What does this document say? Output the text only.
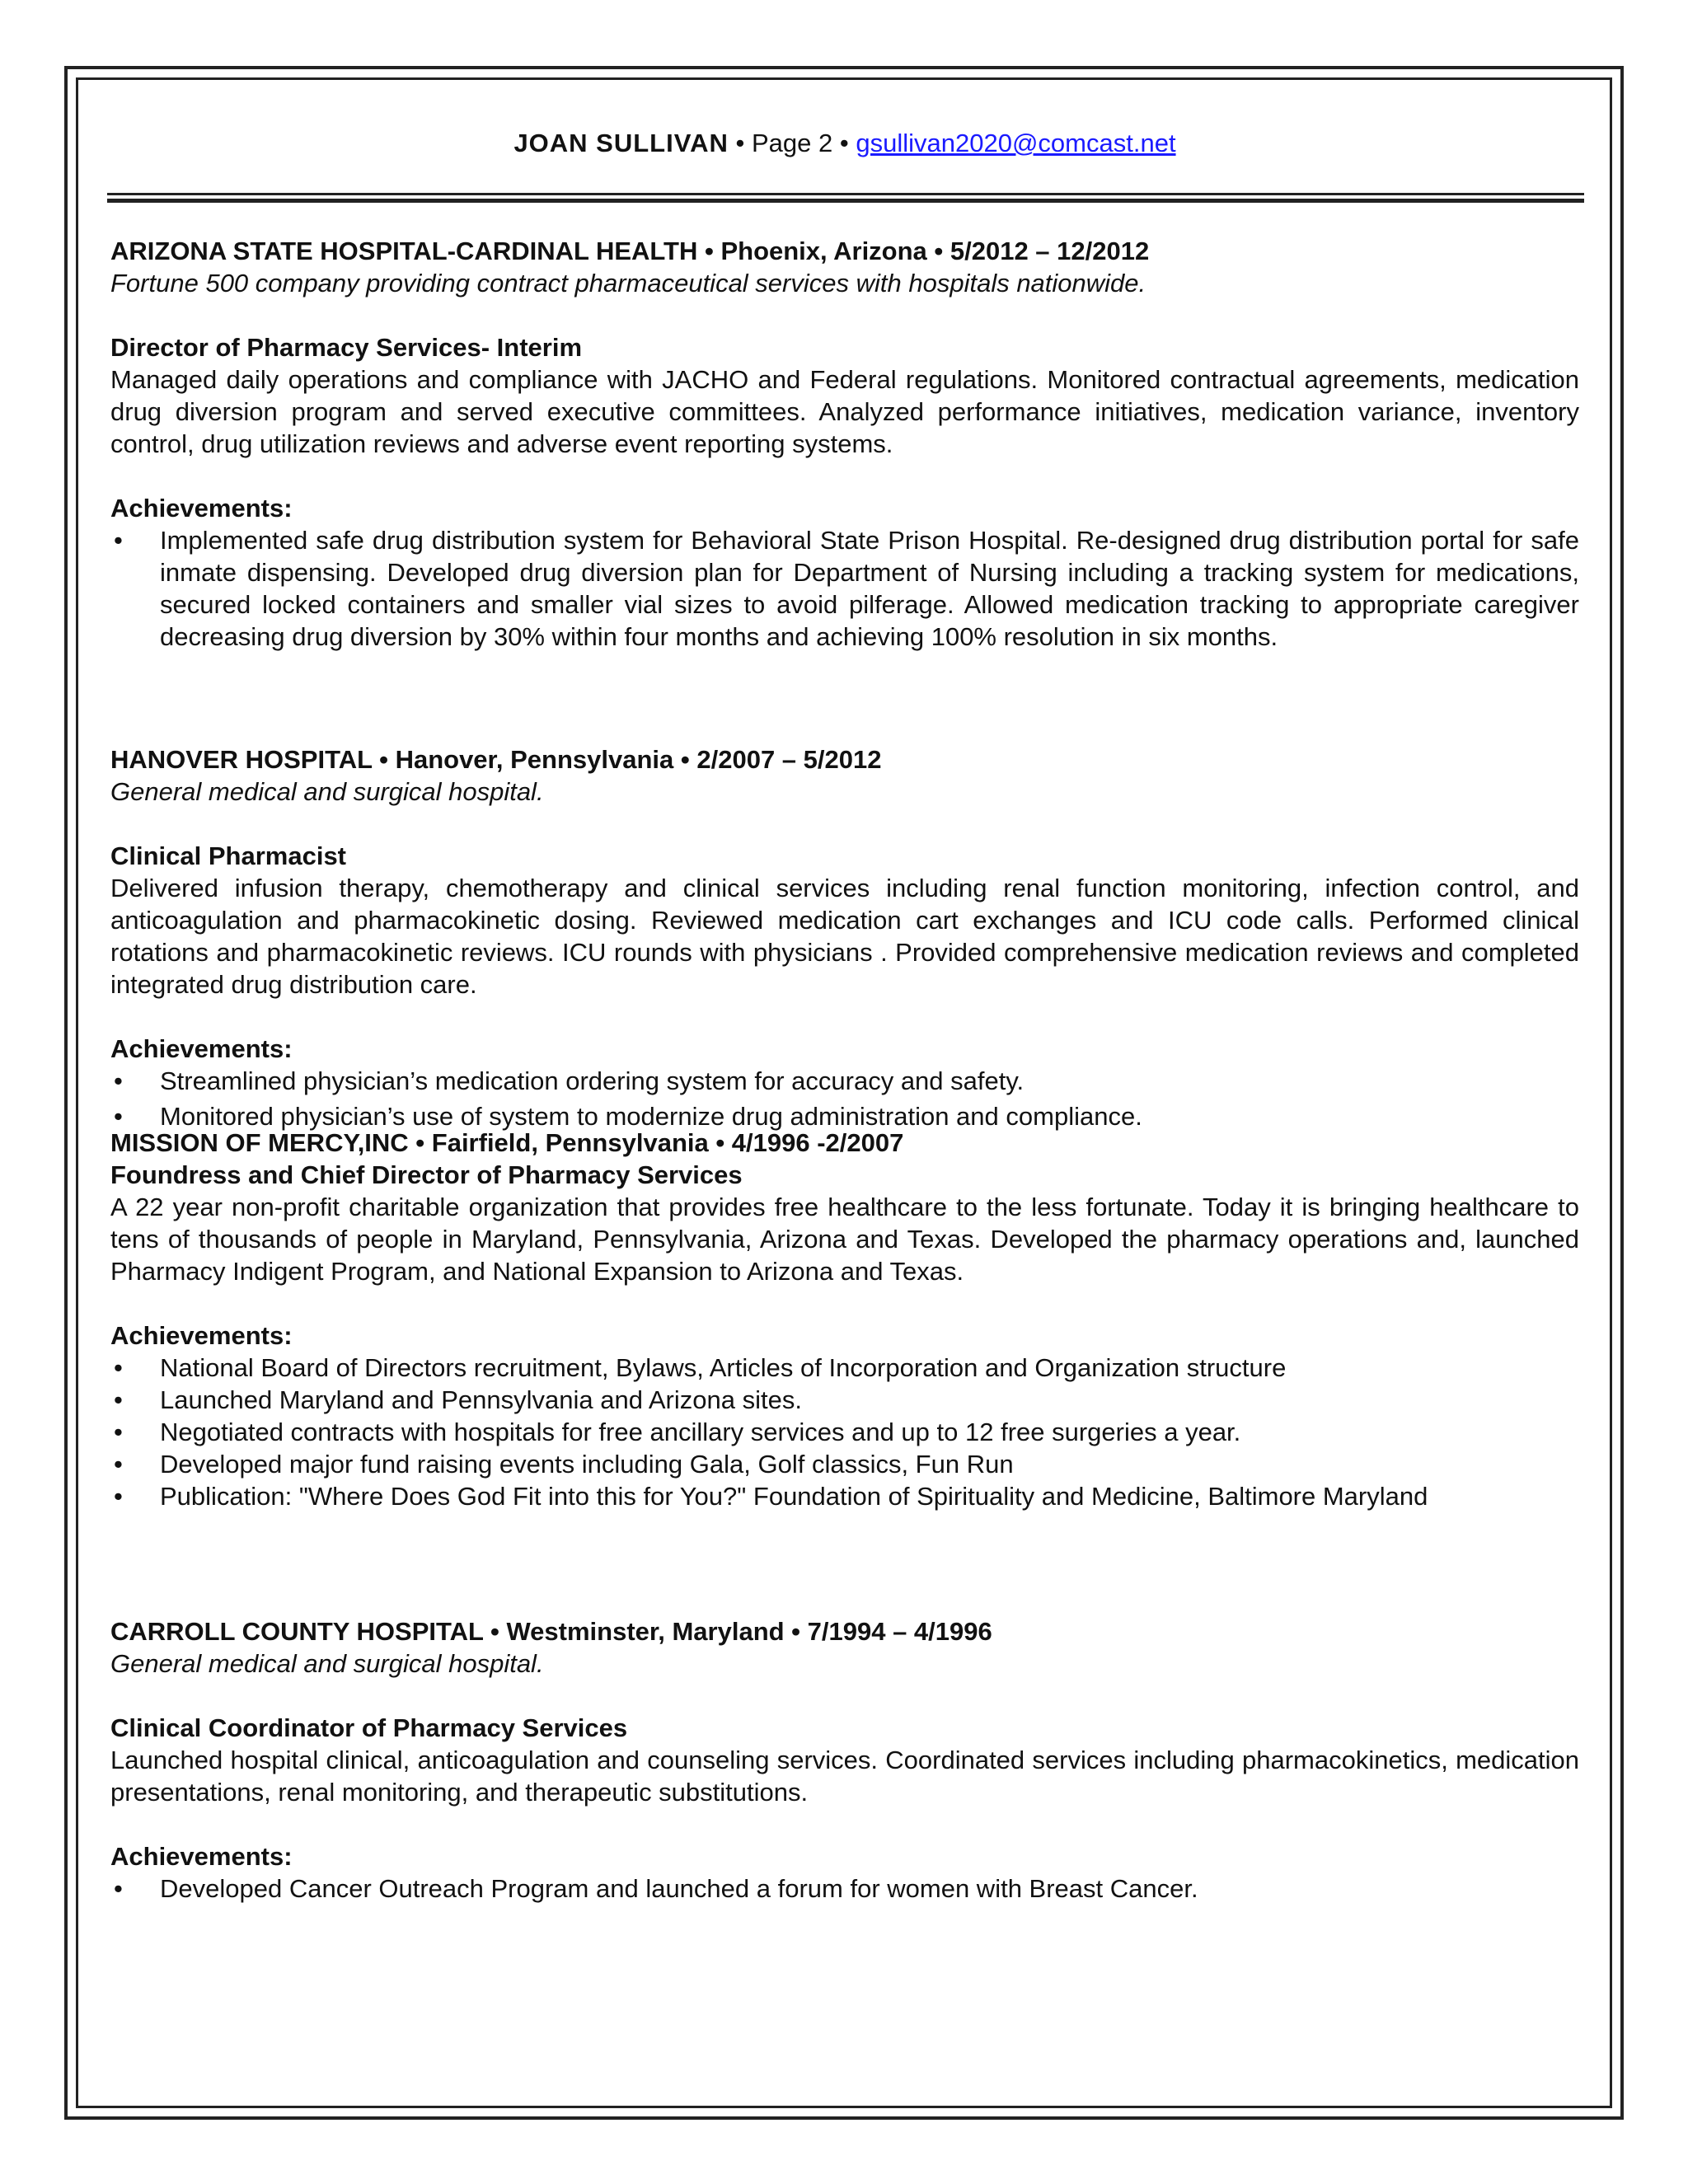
JOAN SULLIVAN • Page 2 • gsullivan2020@comcast.net

ARIZONA STATE HOSPITAL-CARDINAL HEALTH • Phoenix, Arizona • 5/2012 – 12/2012

Fortune 500 company providing contract pharmaceutical services with hospitals nationwide.

Director of Pharmacy Services- Interim

Managed daily operations and compliance with JACHO and Federal regulations. Monitored contractual agreements, medication drug diversion program and served executive committees. Analyzed performance initiatives, medication variance, inventory control, drug utilization reviews and adverse event reporting systems.

Achievements:

• Implemented safe drug distribution system for Behavioral State Prison Hospital. Re-designed drug distribution portal for safe inmate dispensing. Developed drug diversion plan for Department of Nursing including a tracking system for medications, secured locked containers and smaller vial sizes to avoid pilferage. Allowed medication tracking to appropriate caregiver decreasing drug diversion by 30% within four months and achieving 100% resolution in six months.

HANOVER HOSPITAL • Hanover, Pennsylvania • 2/2007 – 5/2012

General medical and surgical hospital.

Clinical Pharmacist

Delivered infusion therapy, chemotherapy and clinical services including renal function monitoring, infection control, and anticoagulation and pharmacokinetic dosing. Reviewed medication cart exchanges and ICU code calls. Performed clinical rotations and pharmacokinetic reviews. ICU rounds with physicians . Provided comprehensive medication reviews and completed integrated drug distribution care.

Achievements:

• Streamlined physician’s medication ordering system for accuracy and safety.
• Monitored physician’s use of system to modernize drug administration and compliance.

MISSION OF MERCY,INC • Fairfield, Pennsylvania • 4/1996 -2/2007

Foundress and Chief Director of Pharmacy Services

A 22 year non-profit charitable organization that provides free healthcare to the less fortunate. Today it is bringing healthcare to tens of thousands of people in Maryland, Pennsylvania, Arizona and Texas. Developed the pharmacy operations and, launched Pharmacy Indigent Program, and National Expansion to Arizona and Texas.

Achievements:

• National Board of Directors recruitment, Bylaws, Articles of Incorporation and Organization structure
• Launched Maryland and Pennsylvania and Arizona sites.
• Negotiated contracts with hospitals for free ancillary services and up to 12 free surgeries a year.
• Developed major fund raising events including Gala, Golf classics, Fun Run
• Publication: "Where Does God Fit into this for You?" Foundation of Spirituality and Medicine, Baltimore Maryland

CARROLL COUNTY HOSPITAL • Westminster, Maryland • 7/1994 – 4/1996

General medical and surgical hospital.

Clinical Coordinator of Pharmacy Services

Launched hospital clinical, anticoagulation and counseling services. Coordinated services including pharmacokinetics, medication presentations, renal monitoring, and therapeutic substitutions.

Achievements:

• Developed Cancer Outreach Program and launched a forum for women with Breast Cancer.
